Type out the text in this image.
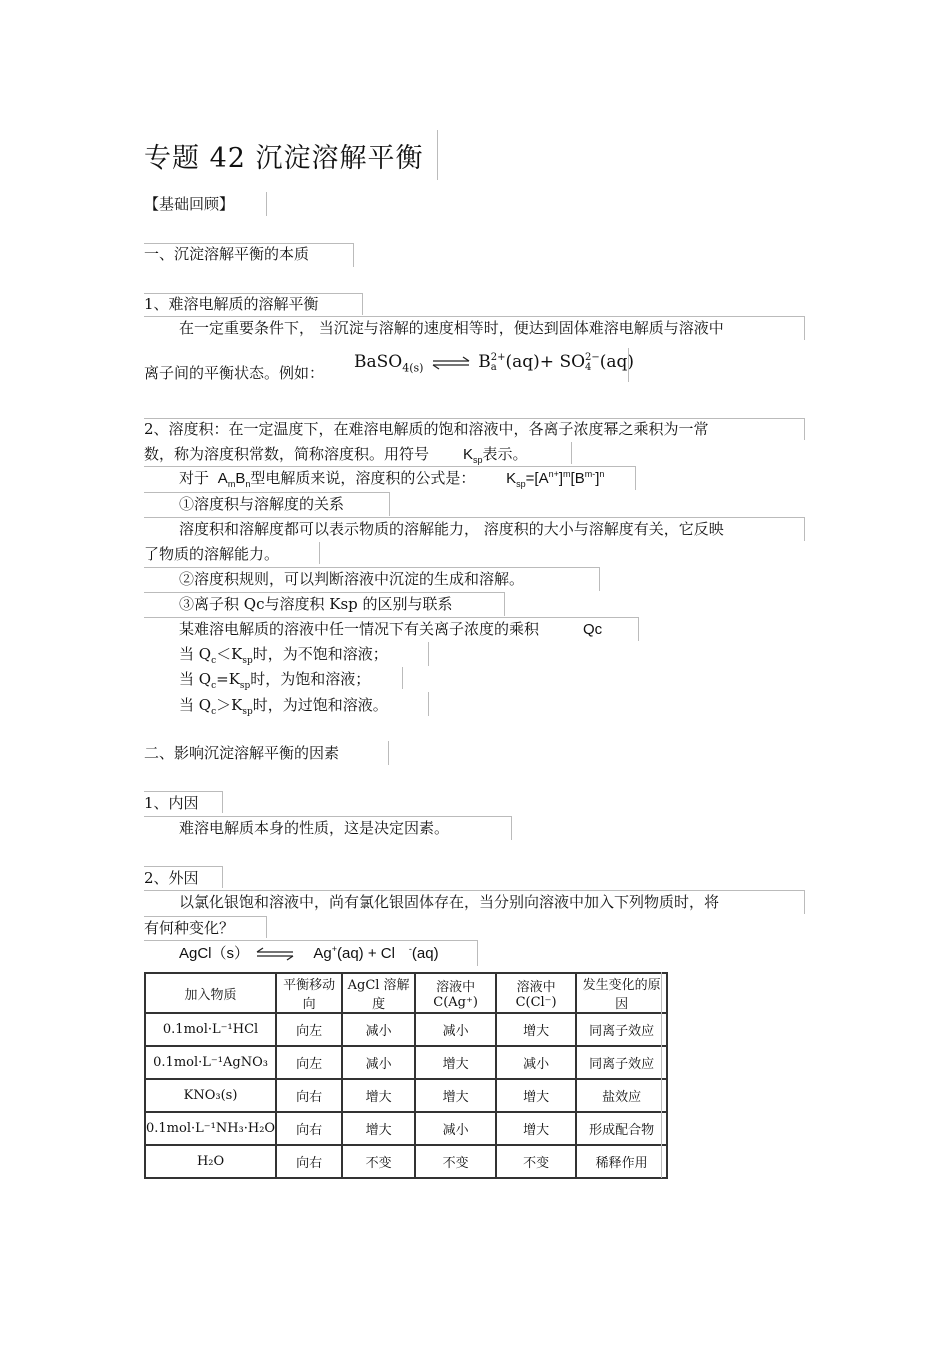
专题 42 沉淀溶解平衡
【基础回顾】
一、沉淀溶解平衡的本质
1、难溶电解质的溶解平衡
在一定重要条件下， 当沉淀与溶解的速度相等时，便达到固体难溶电解质与溶液中
离子间的平衡状态。例如：
BaSO$_{4(s)}$ ⇌ B 2+
a (aq)+ SO 2−
4 (aq)
2、溶度积：在一定温度下，在难溶电解质的饱和溶液中，各离子浓度幂之乘积为一常
数，称为溶度积常数，简称溶度积。用符号 $K_{sp}$表示。
对于 $A_mB_n$型电解质来说，溶度积的公式是： $K_{sp}=[A^{n+}]^m[B^{m-}]^n$
①溶度积与溶解度的关系
溶度积和溶解度都可以表示物质的溶解能力， 溶度积的大小与溶解度有关，它反映
了物质的溶解能力。
②溶度积规则，可以判断溶液中沉淀的生成和溶解。
③离子积 Qc与溶度积 Ksp 的区别与联系
某难溶电解质的溶液中任一情况下有关离子浓度的乘积	Qc
当 $Q_c<K_{sp}$时，为不饱和溶液；
当 $Q_c=K_{sp}$时，为饱和溶液；
当 $Q_c>K_{sp}$时，为过饱和溶液。
二、影响沉淀溶解平衡的因素
1、内因
难溶电解质本身的性质，这是决定因素。
2、外因
以氯化银饱和溶液中，尚有氯化银固体存在，当分别向溶液中加入下列物质时，将
有何种变化？
AgCl（s） ⇌ Ag+(aq) + Cl -(aq)
加入物质	平衡移动向	AgCl 溶解度	溶液中 C(Ag⁺)	溶液中 C(Cl⁻)	发生变化的原因
0.1mol·L⁻¹HCl	向左	减小	减小	增大	同离子效应
0.1mol·L⁻¹AgNO₃	向左	减小	增大	减小	同离子效应
KNO₃(s)	向右	增大	增大	增大	盐效应
0.1mol·L⁻¹NH₃·H₂O	向右	增大	减小	增大	形成配合物
H₂O	向右	不变	不变	不变	稀释作用
